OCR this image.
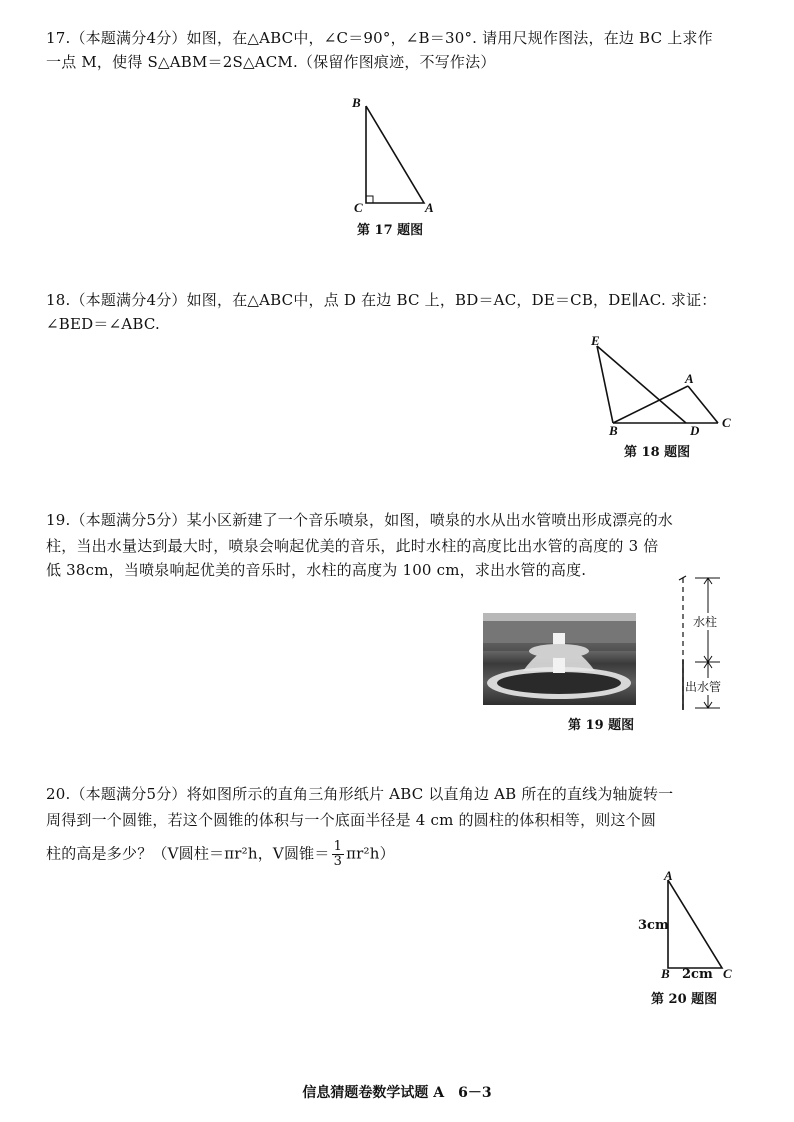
17.（本题满分4分）如图，在△ABC中，∠C＝90°，∠B＝30°. 请用尺规作图法，在边 BC 上求作
一点 M，使得 S△ABM＝2S△ACM.（保留作图痕迹，不写作法）
B
C	A
第 17 题图
18.（本题满分4分）如图，在△ABC中，点 D 在边 BC 上，BD＝AC，DE＝CB，DE∥AC. 求证：
∠BED＝∠ABC.
E
A
B	D
C
第 18 题图
19.（本题满分5分）某小区新建了一个音乐喷泉，如图，喷泉的水从出水管喷出形成漂亮的水
柱，当出水量达到最大时，喷泉会响起优美的音乐，此时水柱的高度比出水管的高度的 3 倍
低 38cm，当喷泉响起优美的音乐时，水柱的高度为 100 cm，求出水管的高度.
水柱
出水管
第 19 题图
20.（本题满分5分）将如图所示的直角三角形纸片 ABC 以直角边 AB 所在的直线为轴旋转一
周得到一个圆锥，若这个圆锥的体积与一个底面半径是 4 cm 的圆柱的体积相等，则这个圆
柱的高是多少？（V圆柱＝πr²h，V圆锥＝ $\frac{1}{3} \pi r^2h$）
A
3cm
B 2cm C
第 20 题图
信息猜题卷数学试题 A　6－3
